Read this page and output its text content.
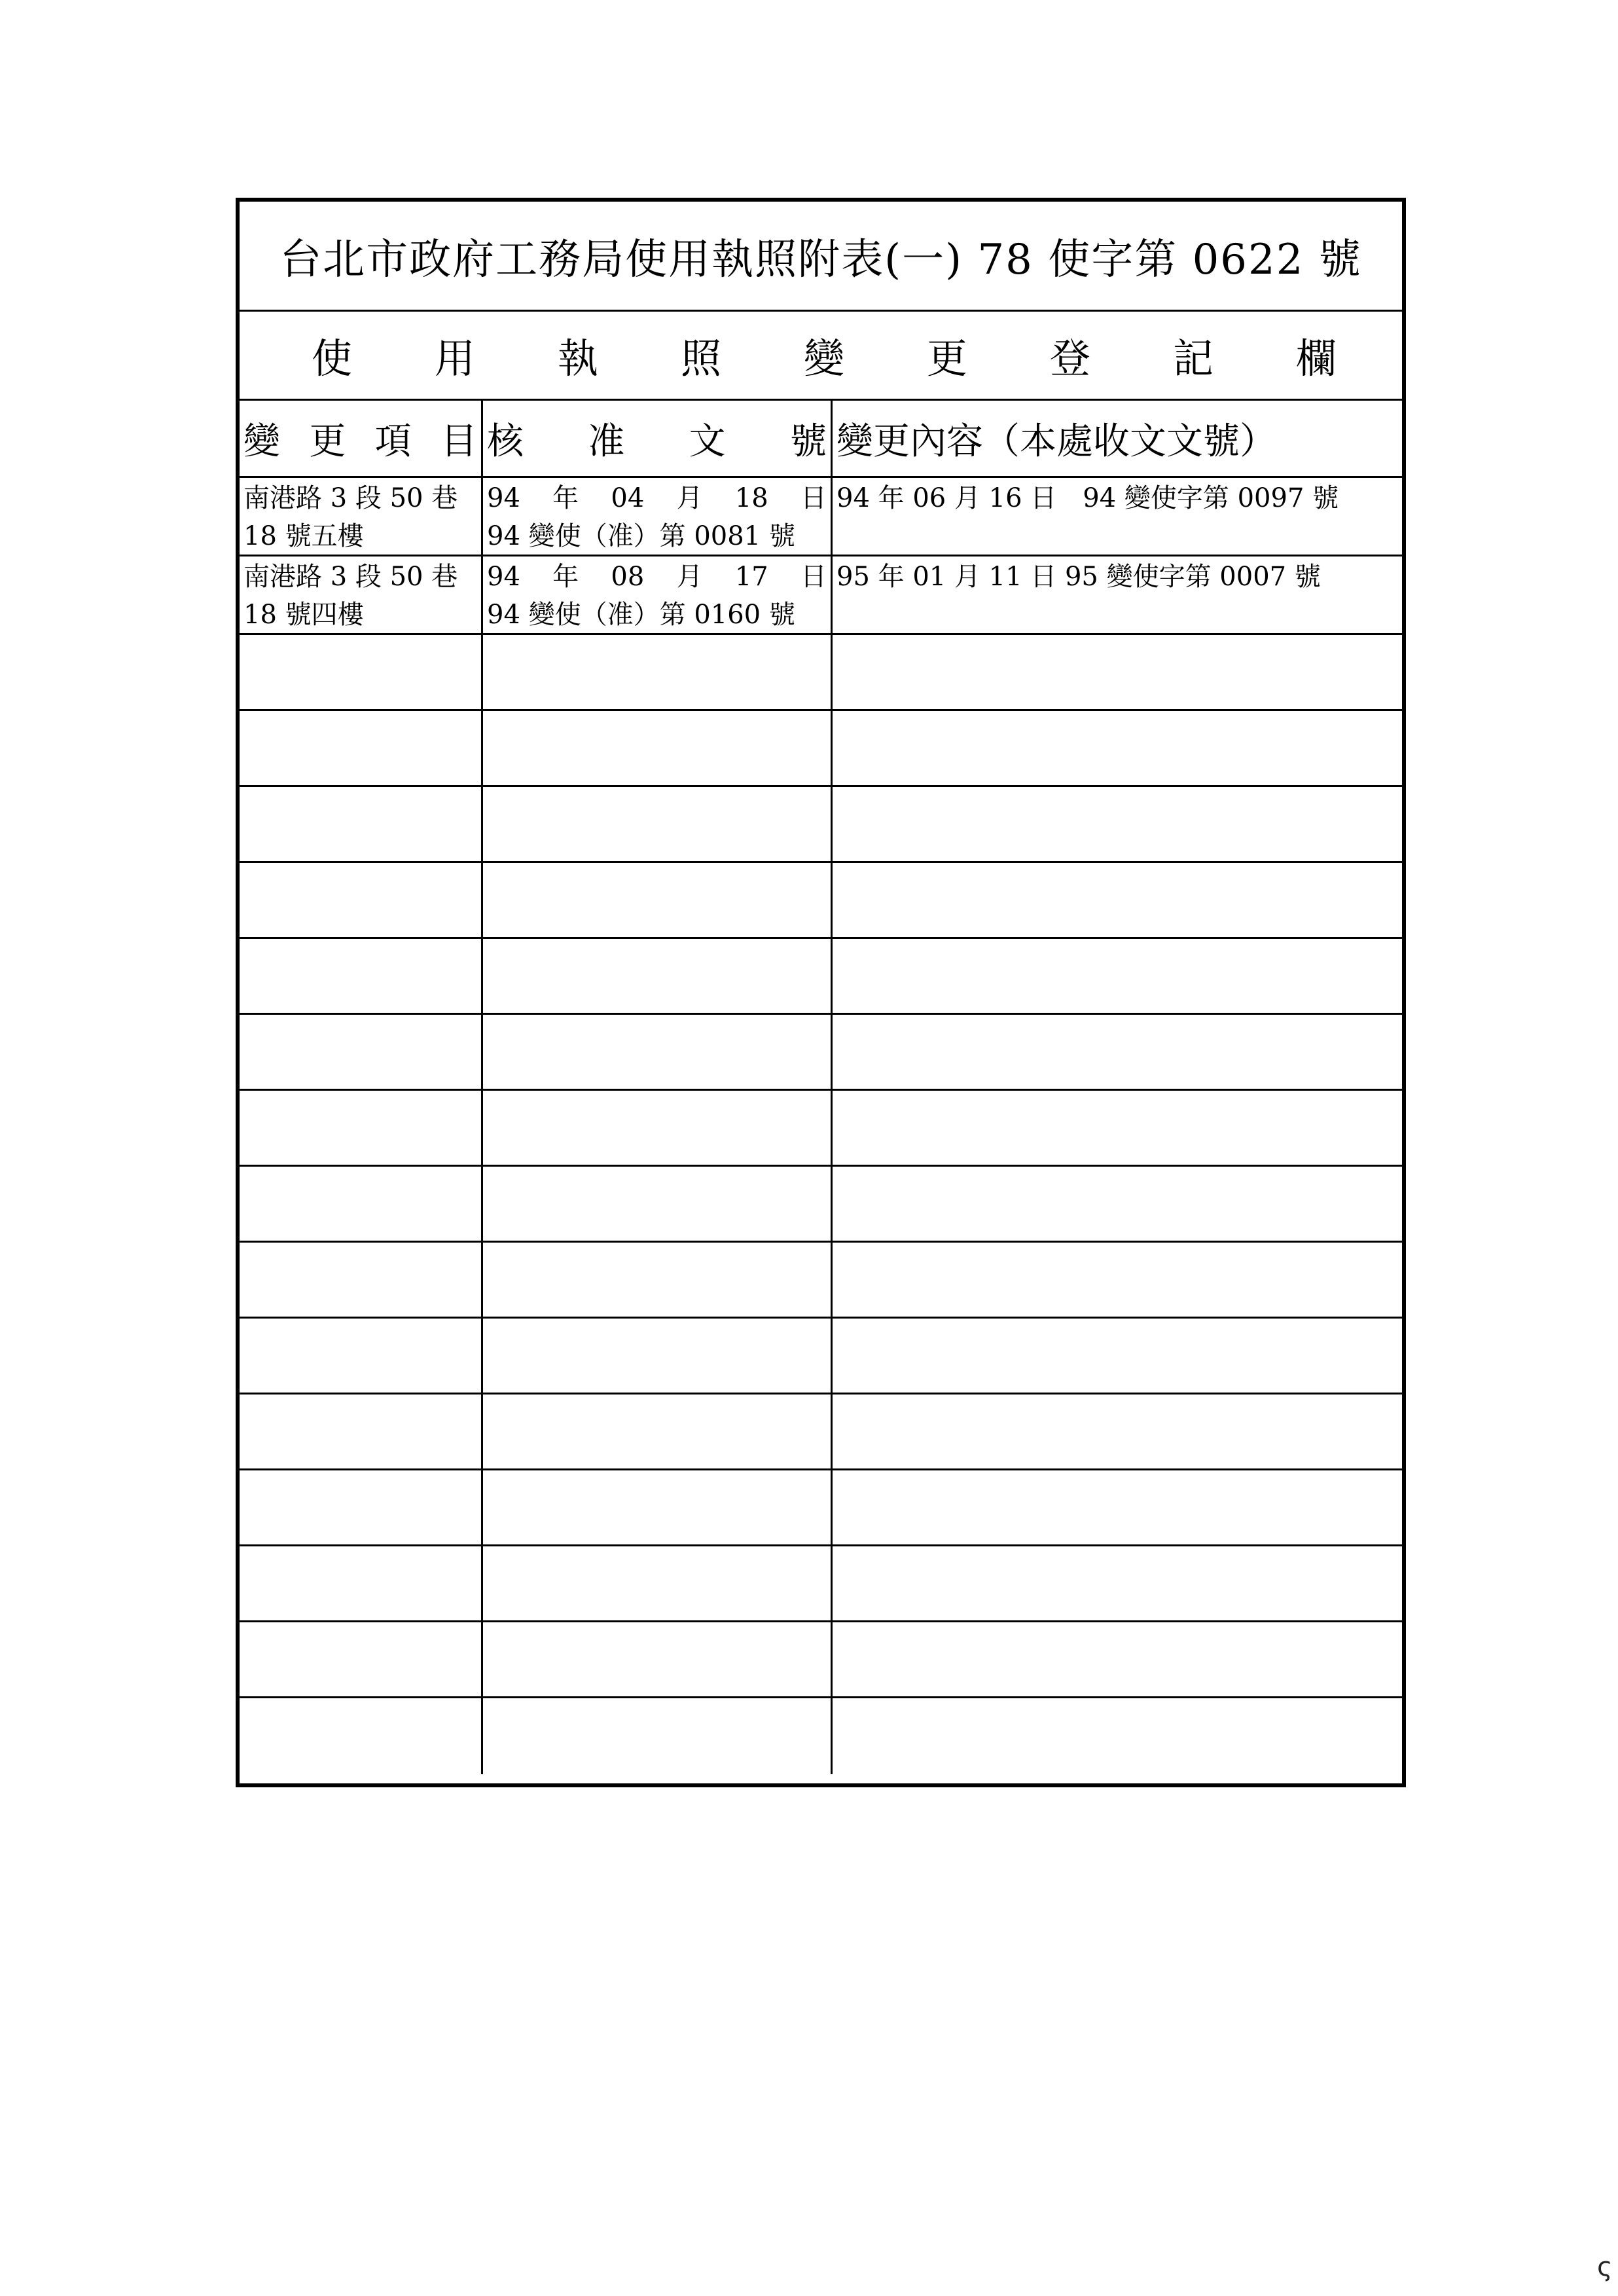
台北市政府工務局使用執照附表(一) 78 使字第 0622 號
使 用 執 照 變 更 登 記 欄
變 更 項 目 核 准 文 號 變更內容（本處收文文號）
南港路 3 段 50 巷
18 號五樓
94 年 04 月 18 日
94 變使（准）第 0081 號
94 年 06 月 16 日　94 變使字第 0097 號
南港路 3 段 50 巷
18 號四樓
94 年 08 月 17 日
94 變使（准）第 0160 號
95 年 01 月 11 日 95 變使字第 0007 號
ς
